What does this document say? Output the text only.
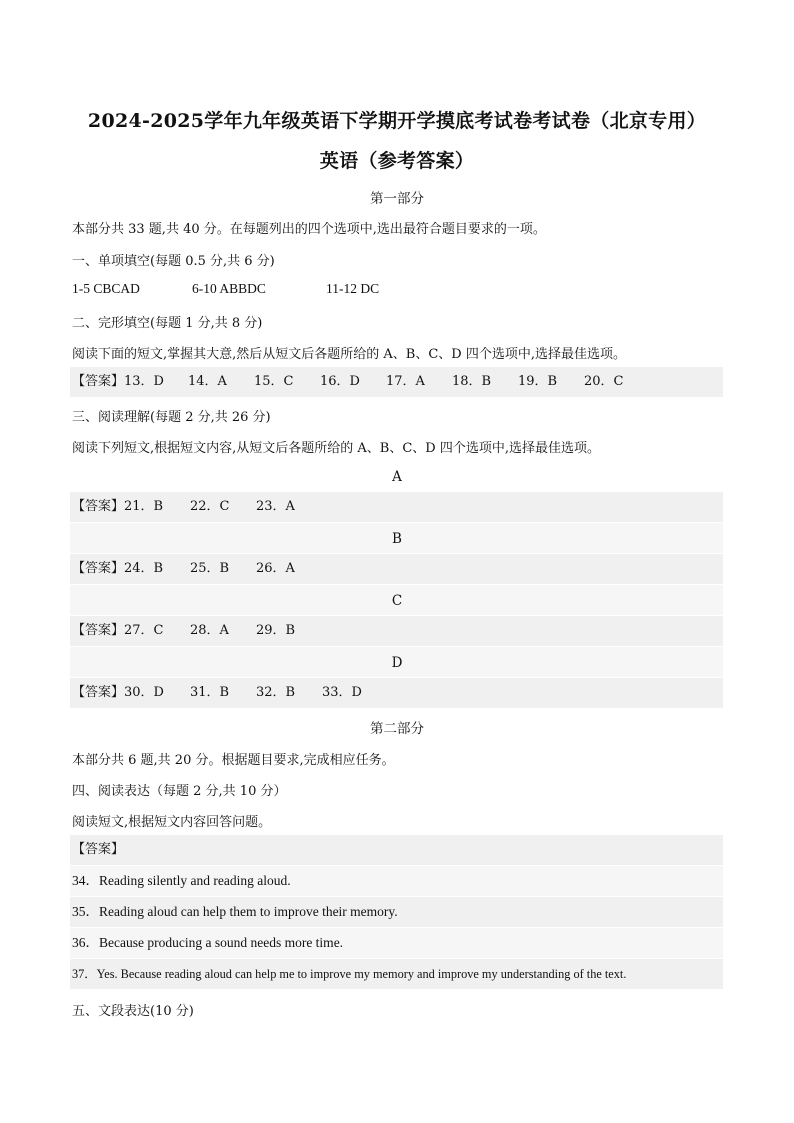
2024-2025学年九年级英语下学期开学摸底考试卷考试卷（北京专用）
英语（参考答案）
第一部分
本部分共 33 题,共 40 分。在每题列出的四个选项中,选出最符合题目要求的一项。
一、单项填空(每题 0.5 分,共 6 分)
1-5 CBCAD	6-10 ABBDC	11-12 DC
二、完形填空(每题 1 分,共 8 分)
阅读下面的短文,掌握其大意,然后从短文后各题所给的 A、B、C、D 四个选项中,选择最佳选项。
【答案】13．D 14．A 15．C 16．D 17．A 18．B 19．B 20．C
三、阅读理解(每题 2 分,共 26 分)
阅读下列短文,根据短文内容,从短文后各题所给的 A、B、C、D 四个选项中,选择最佳选项。
A
【答案】21．B 22．C 23．A
B
【答案】24．B 25．B 26．A
C
【答案】27．C 28．A 29．B
D
【答案】30．D 31．B 32．B 33．D
第二部分
本部分共 6 题,共 20 分。根据题目要求,完成相应任务。
四、阅读表达（每题 2 分,共 10 分）
阅读短文,根据短文内容回答问题。
【答案】
34．Reading silently and reading aloud.
35．Reading aloud can help them to improve their memory.
36．Because producing a sound needs more time.
37．Yes. Because reading aloud can help me to improve my memory and improve my understanding of the text.
五、文段表达(10 分)
